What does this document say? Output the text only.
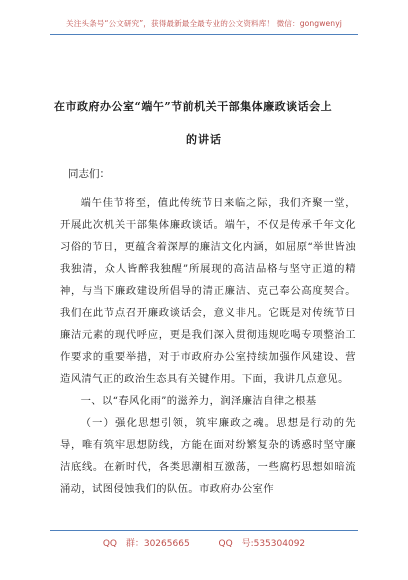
关注头条号“公文研究”，获得最新最全最专业的公文资料库！ 微信：gongwenyj
在市政府办公室“端午”节前机关干部集体廉政谈话会上
的讲话
同志们：

端午佳节将至，值此传统节日来临之际，我们齐聚一堂，开展此次机关干部集体廉政谈话。端午，不仅是传承千年文化习俗的节日，更蕴含着深厚的廉洁文化内涵，如屈原“举世皆浊我独清，众人皆醉我独醒”所展现的高洁品格与坚守正道的精神，与当下廉政建设所倡导的清正廉洁、克己奉公高度契合。我们在此节点召开廉政谈话会，意义非凡。它既是对传统节日廉洁元素的现代呼应，更是我们深入贯彻违规吃喝专项整治工作要求的重要举措，对于市政府办公室持续加强作风建设、营造风清气正的政治生态具有关键作用。下面，我讲几点意见。

一、以“春风化雨”的滋养力，润泽廉洁自律之根基

（一）强化思想引领，筑牢廉政之魂。思想是行动的先导，唯有筑牢思想防线，方能在面对纷繁复杂的诱惑时坚守廉洁底线。在新时代，各类思潮相互激荡，一些腐朽思想如暗流涌动，试图侵蚀我们的队伍。市政府办公室作

QQ 群：30265665	QQ 号:535304092
